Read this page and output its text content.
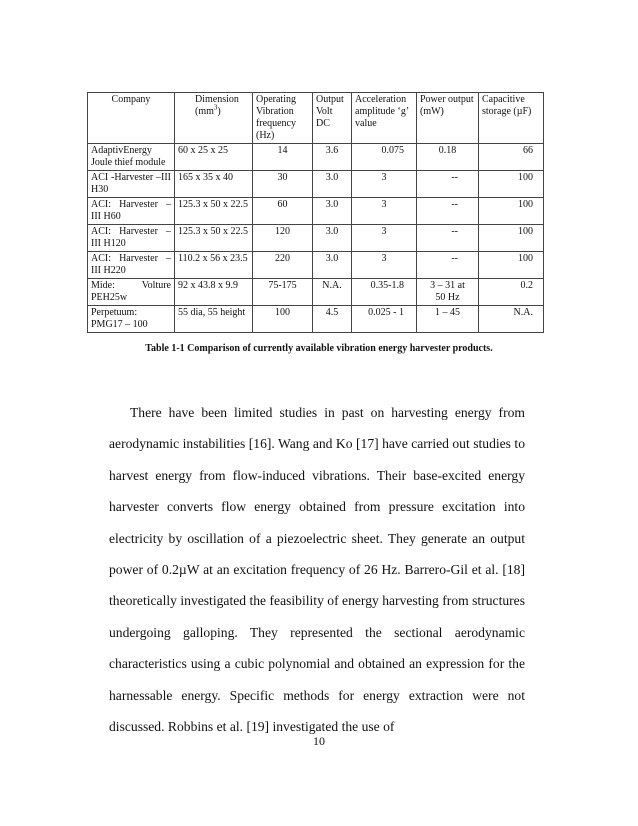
Company	Dimension $(mm^3)$	Operating Vibration frequency (Hz)	Output Volt DC	Acceleration amplitude ‘g’ value	Power output (mW)	Capacitive storage (µF)
AdaptivEnergy Joule thief module	60 x 25 x 25	14	3.6	0.075	0.18	66
ACI -Harvester –III H30	165 x 35 x 40	30	3.0	3	--	100
ACI: Harvester – III H60	125.3 x 50 x 22.5	60	3.0	3	--	100
ACI: Harvester – III H120	125.3 x 50 x 22.5	120	3.0	3	--	100
ACI: Harvester – III H220	110.2 x 56 x 23.5	220	3.0	3	--	100
Mide: Volture PEH25w	92 x 43.8 x 9.9	75-175	N.A.	0.35-1.8	3 – 31 at 50 Hz	0.2
Perpetuum: PMG17 – 100	55 dia, 55 height	100	4.5	0.025 - 1	1 – 45	N.A.
Table 1-1 Comparison of currently available vibration energy harvester products.
There have been limited studies in past on harvesting energy from aerodynamic instabilities [16]. Wang and Ko [17] have carried out studies to harvest energy from flow-induced vibrations. Their base-excited energy harvester converts flow energy obtained from pressure excitation into electricity by oscillation of a piezoelectric sheet. They generate an output power of 0.2µW at an excitation frequency of 26 Hz. Barrero-Gil et al. [18] theoretically investigated the feasibility of energy harvesting from structures undergoing galloping. They represented the sectional aerodynamic characteristics using a cubic polynomial and obtained an expression for the harnessable energy. Specific methods for energy extraction were not discussed. Robbins et al. [19] investigated the use of
10
